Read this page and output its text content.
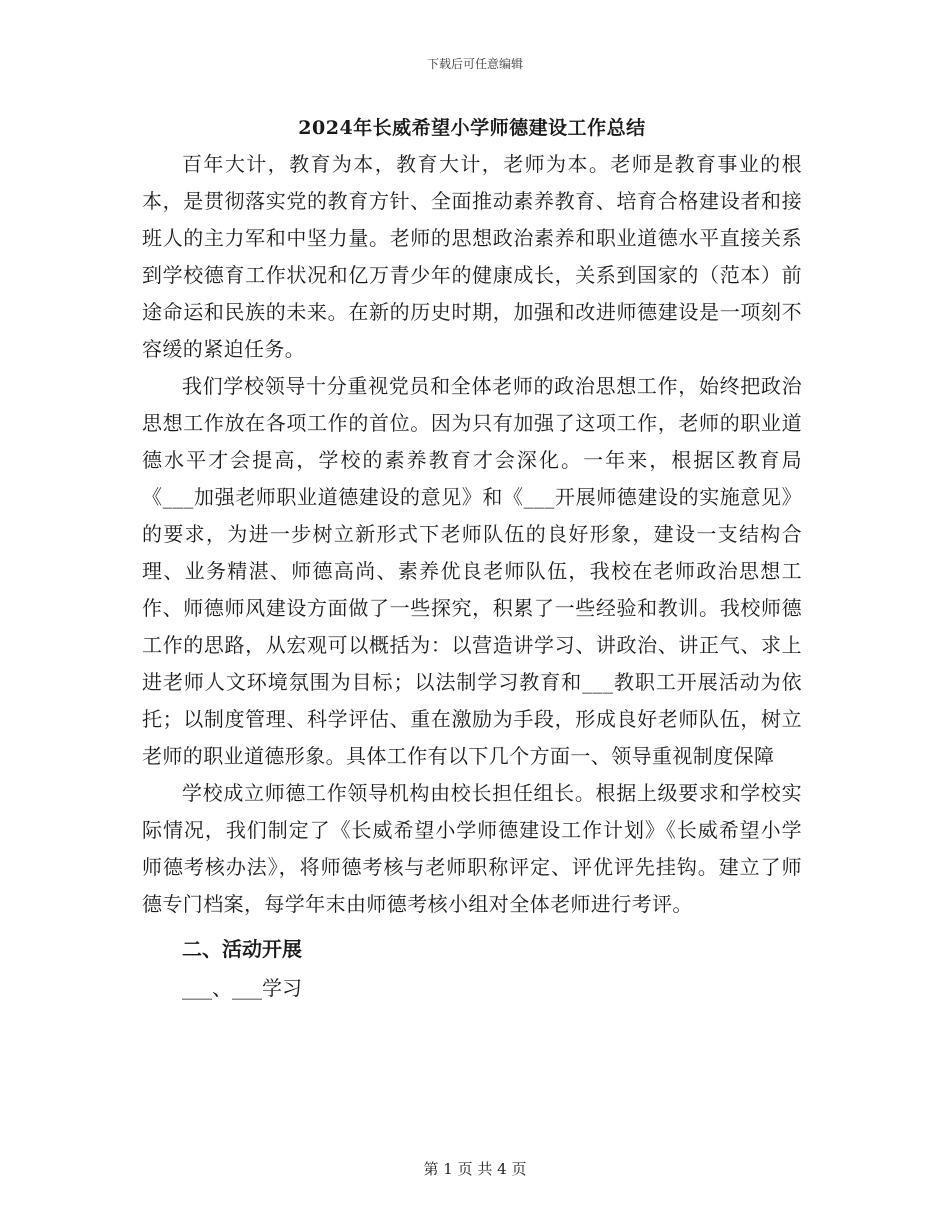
下载后可任意编辑
2024年长威希望小学师德建设工作总结

百年大计，教育为本，教育大计，老师为本。老师是教育事业的根本，是贯彻落实党的教育方针、全面推动素养教育、培育合格建设者和接班人的主力军和中坚力量。老师的思想政治素养和职业道德水平直接关系到学校德育工作状况和亿万青少年的健康成长，关系到国家的（范本）前途命运和民族的未来。在新的历史时期，加强和改进师德建设是一项刻不容缓的紧迫任务。

我们学校领导十分重视党员和全体老师的政治思想工作，始终把政治思想工作放在各项工作的首位。因为只有加强了这项工作，老师的职业道德水平才会提高，学校的素养教育才会深化。一年来，根据区教育局《___加强老师职业道德建设的意见》和《___开展师德建设的实施意见》的要求，为进一步树立新形式下老师队伍的良好形象，建设一支结构合理、业务精湛、师德高尚、素养优良老师队伍，我校在老师政治思想工作、师德师风建设方面做了一些探究，积累了一些经验和教训。我校师德工作的思路，从宏观可以概括为：以营造讲学习、讲政治、讲正气、求上进老师人文环境氛围为目标；以法制学习教育和___教职工开展活动为依托；以制度管理、科学评估、重在激励为手段，形成良好老师队伍，树立老师的职业道德形象。具体工作有以下几个方面一、领导重视制度保障

学校成立师德工作领导机构由校长担任组长。根据上级要求和学校实际情况，我们制定了《长威希望小学师德建设工作计划》《长威希望小学师德考核办法》，将师德考核与老师职称评定、评优评先挂钩。建立了师德专门档案，每学年末由师德考核小组对全体老师进行考评。

二、活动开展
___、___学习
第 1 页 共 4 页
